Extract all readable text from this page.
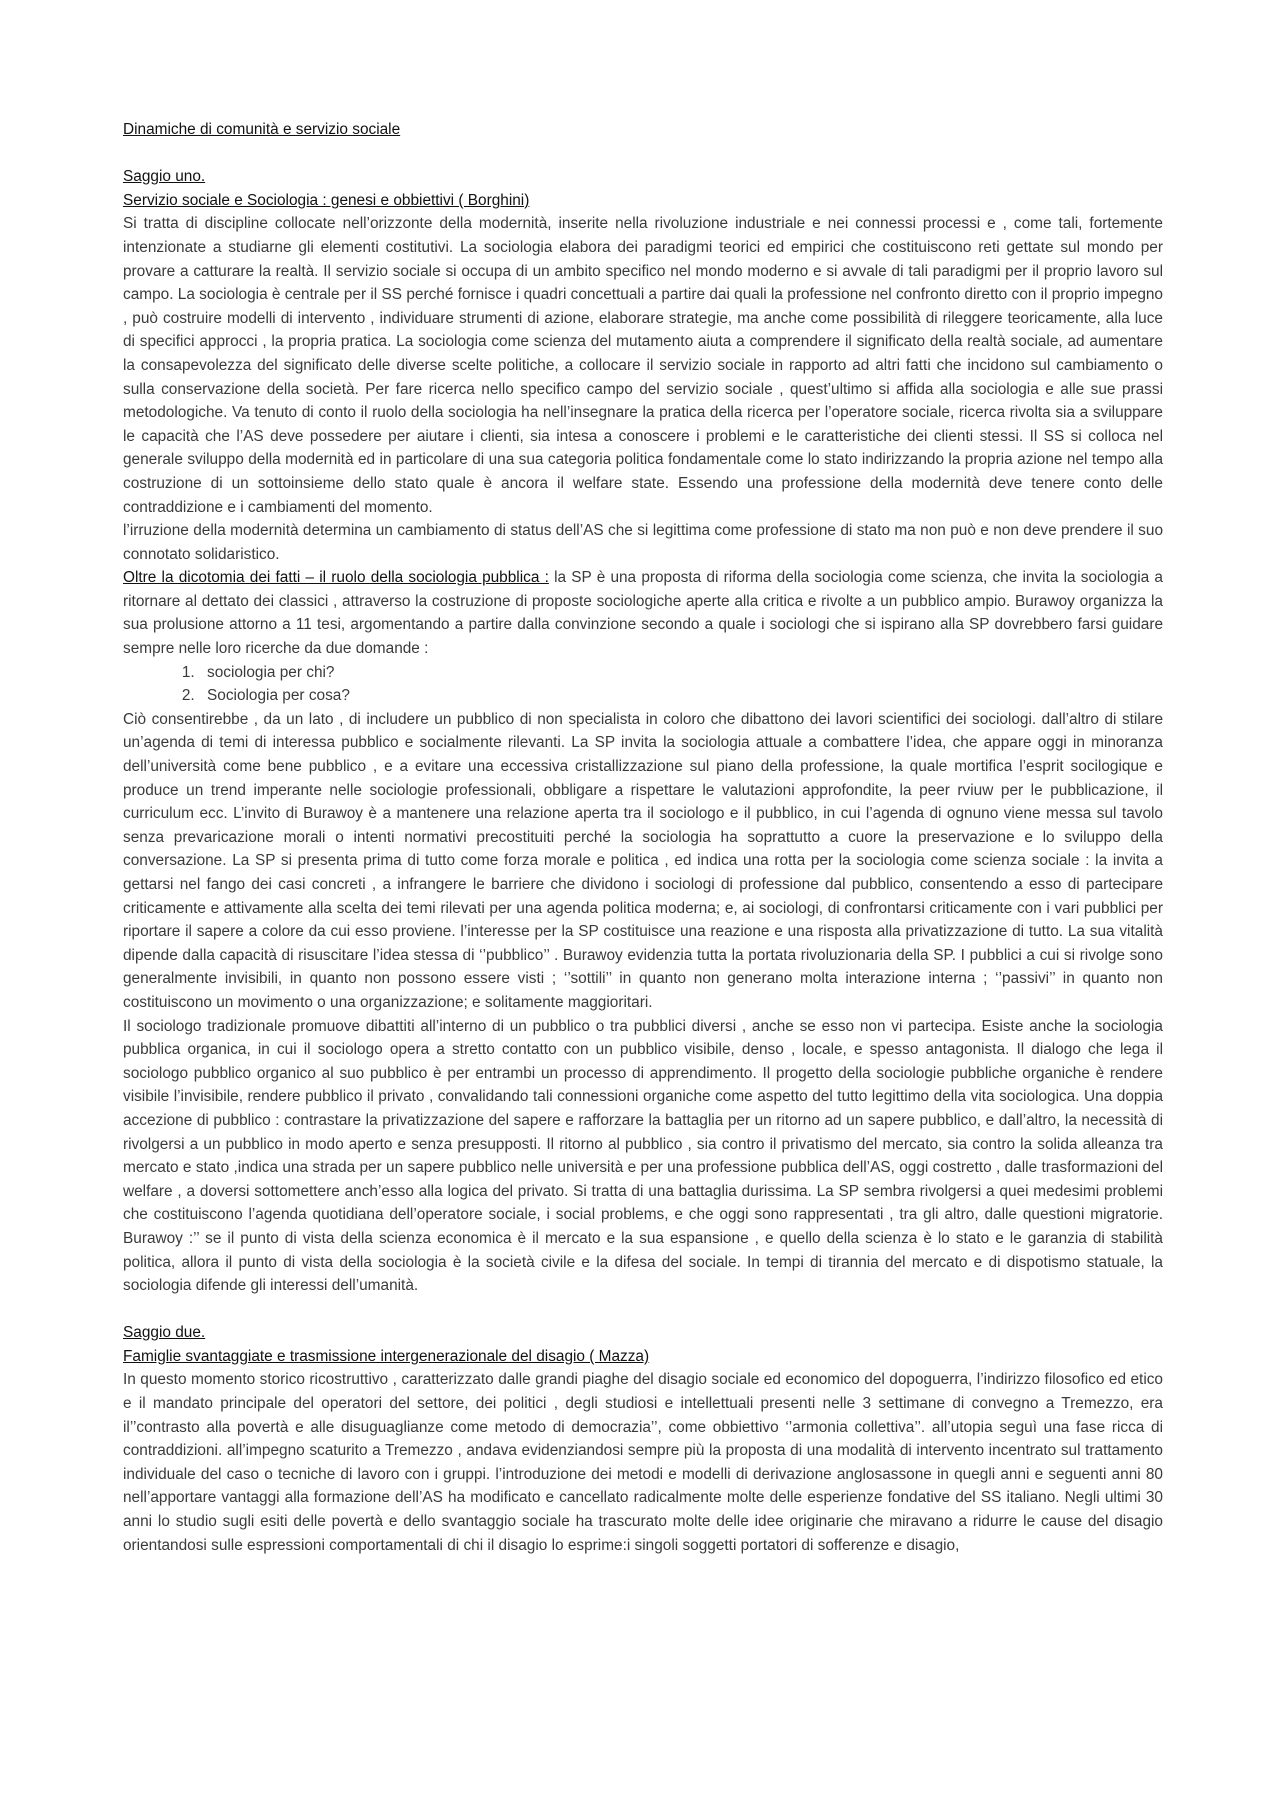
Dinamiche di comunità e servizio sociale
Saggio uno.
Servizio sociale e Sociologia : genesi e obbiettivi ( Borghini)

Si tratta di discipline collocate nell’orizzonte della modernità, inserite nella rivoluzione industriale e nei connessi processi e , come tali, fortemente intenzionate a studiarne gli elementi costitutivi. La sociologia elabora dei paradigmi teorici ed empirici che costituiscono reti gettate sul mondo per provare a catturare la realtà. Il servizio sociale si occupa di un ambito specifico nel mondo moderno e si avvale di tali paradigmi per il proprio lavoro sul campo. La sociologia è centrale per il SS perché fornisce i quadri concettuali a partire dai quali la professione nel confronto diretto con il proprio impegno , può costruire modelli di intervento , individuare strumenti di azione, elaborare strategie, ma anche come possibilità di rileggere teoricamente, alla luce di specifici approcci , la propria pratica. La sociologia come scienza del mutamento aiuta a comprendere il significato della realtà sociale, ad aumentare la consapevolezza del significato delle diverse scelte politiche, a collocare il servizio sociale in rapporto ad altri fatti che incidono sul cambiamento o sulla conservazione della società. Per fare ricerca nello specifico campo del servizio sociale , quest’ultimo si affida alla sociologia e alle sue prassi metodologiche. Va tenuto di conto il ruolo della sociologia ha nell’insegnare la pratica della ricerca per l’operatore sociale, ricerca rivolta sia a sviluppare le capacità che l’AS deve possedere per aiutare i clienti, sia intesa a conoscere i problemi e le caratteristiche dei clienti stessi. Il SS si colloca nel generale sviluppo della modernità ed in particolare di una sua categoria politica fondamentale come lo stato indirizzando la propria azione nel tempo alla costruzione di un sottoinsieme dello stato quale è ancora il welfare state. Essendo una professione della modernità deve tenere conto delle contraddizione e i cambiamenti del momento.

l’irruzione della modernità determina un cambiamento di status dell’AS che si legittima come professione di stato ma non può e non deve prendere il suo connotato solidaristico.

Oltre la dicotomia dei fatti – il ruolo della sociologia pubblica : la SP è una proposta di riforma della sociologia come scienza, che invita la sociologia a ritornare al dettato dei classici , attraverso la costruzione di proposte sociologiche aperte alla critica e rivolte a un pubblico ampio. Burawoy organizza la sua prolusione attorno a 11 tesi, argomentando a partire dalla convinzione secondo a quale i sociologi che si ispirano alla SP dovrebbero farsi guidare sempre nelle loro ricerche da due domande :

1. sociologia per chi?
2. Sociologia per cosa?

Ciò consentirebbe , da un lato , di includere un pubblico di non specialista in coloro che dibattono dei lavori scientifici dei sociologi. dall’altro di stilare un’agenda di temi di interessa pubblico e socialmente rilevanti. La SP invita la sociologia attuale a combattere l’idea, che appare oggi in minoranza dell’università come bene pubblico , e a evitare una eccessiva cristallizzazione sul piano della professione, la quale mortifica l’esprit socilogique e produce un trend imperante nelle sociologie professionali, obbligare a rispettare le valutazioni approfondite, la peer rviuw per le pubblicazione, il curriculum ecc. L’invito di Burawoy è a mantenere una relazione aperta tra il sociologo e il pubblico, in cui l’agenda di ognuno viene messa sul tavolo senza prevaricazione morali o intenti normativi precostituiti perché la sociologia ha soprattutto a cuore la preservazione e lo sviluppo della conversazione. La SP si presenta prima di tutto come forza morale e politica , ed indica una rotta per la sociologia come scienza sociale : la invita a gettarsi nel fango dei casi concreti , a infrangere le barriere che dividono i sociologi di professione dal pubblico, consentendo a esso di partecipare criticamente e attivamente alla scelta dei temi rilevati per una agenda politica moderna; e, ai sociologi, di confrontarsi criticamente con i vari pubblici per riportare il sapere a colore da cui esso proviene. l’interesse per la SP costituisce una reazione e una risposta alla privatizzazione di tutto. La sua vitalità dipende dalla capacità di risuscitare l’idea stessa di ‘’pubblico’’ . Burawoy evidenzia tutta la portata rivoluzionaria della SP. I pubblici a cui si rivolge sono generalmente invisibili, in quanto non possono essere visti ; ‘’sottili’’ in quanto non generano molta interazione interna ; ‘’passivi’’ in quanto non costituiscono un movimento o una organizzazione; e solitamente maggioritari.

Il sociologo tradizionale promuove dibattiti all’interno di un pubblico o tra pubblici diversi , anche se esso non vi partecipa. Esiste anche la sociologia pubblica organica, in cui il sociologo opera a stretto contatto con un pubblico visibile, denso , locale, e spesso antagonista. Il dialogo che lega il sociologo pubblico organico al suo pubblico è per entrambi un processo di apprendimento. Il progetto della sociologie pubbliche organiche è rendere visibile l’invisibile, rendere pubblico il privato , convalidando tali connessioni organiche come aspetto del tutto legittimo della vita sociologica. Una doppia accezione di pubblico : contrastare la privatizzazione del sapere e rafforzare la battaglia per un ritorno ad un sapere pubblico, e dall’altro, la necessità di rivolgersi a un pubblico in modo aperto e senza presupposti. Il ritorno al pubblico , sia contro il privatismo del mercato, sia contro la solida alleanza tra mercato e stato ,indica una strada per un sapere pubblico nelle università e per una professione pubblica dell’AS, oggi costretto , dalle trasformazioni del welfare , a doversi sottomettere anch’esso alla logica del privato. Si tratta di una battaglia durissima. La SP sembra rivolgersi a quei medesimi problemi che costituiscono l’agenda quotidiana dell’operatore sociale, i social problems, e che oggi sono rappresentati , tra gli altro, dalle questioni migratorie. Burawoy :’’ se il punto di vista della scienza economica è il mercato e la sua espansione , e quello della scienza è lo stato e le garanzia di stabilità politica, allora il punto di vista della sociologia è la società civile e la difesa del sociale. In tempi di tirannia del mercato e di dispotismo statuale, la sociologia difende gli interessi dell’umanità.

Saggio due.
Famiglie svantaggiate e trasmissione intergenerazionale del disagio ( Mazza)

In questo momento storico ricostruttivo , caratterizzato dalle grandi piaghe del disagio sociale ed economico del dopoguerra, l’indirizzo filosofico ed etico e il mandato principale del operatori del settore, dei politici , degli studiosi e intellettuali presenti nelle 3 settimane di convegno a Tremezzo, era il’’contrasto alla povertà e alle disuguaglianze come metodo di democrazia’’, come obbiettivo ‘’armonia collettiva’’. all’utopia seguì una fase ricca di contraddizioni. all’impegno scaturito a Tremezzo , andava evidenziandosi sempre più la proposta di una modalità di intervento incentrato sul trattamento individuale del caso o tecniche di lavoro con i gruppi. l’introduzione dei metodi e modelli di derivazione anglosassone in quegli anni e seguenti anni 80 nell’apportare vantaggi alla formazione dell’AS ha modificato e cancellato radicalmente molte delle esperienze fondative del SS italiano. Negli ultimi 30 anni lo studio sugli esiti delle povertà e dello svantaggio sociale ha trascurato molte delle idee originarie che miravano a ridurre le cause del disagio orientandosi sulle espressioni comportamentali di chi il disagio lo esprime:i singoli soggetti portatori di sofferenze e disagio,
